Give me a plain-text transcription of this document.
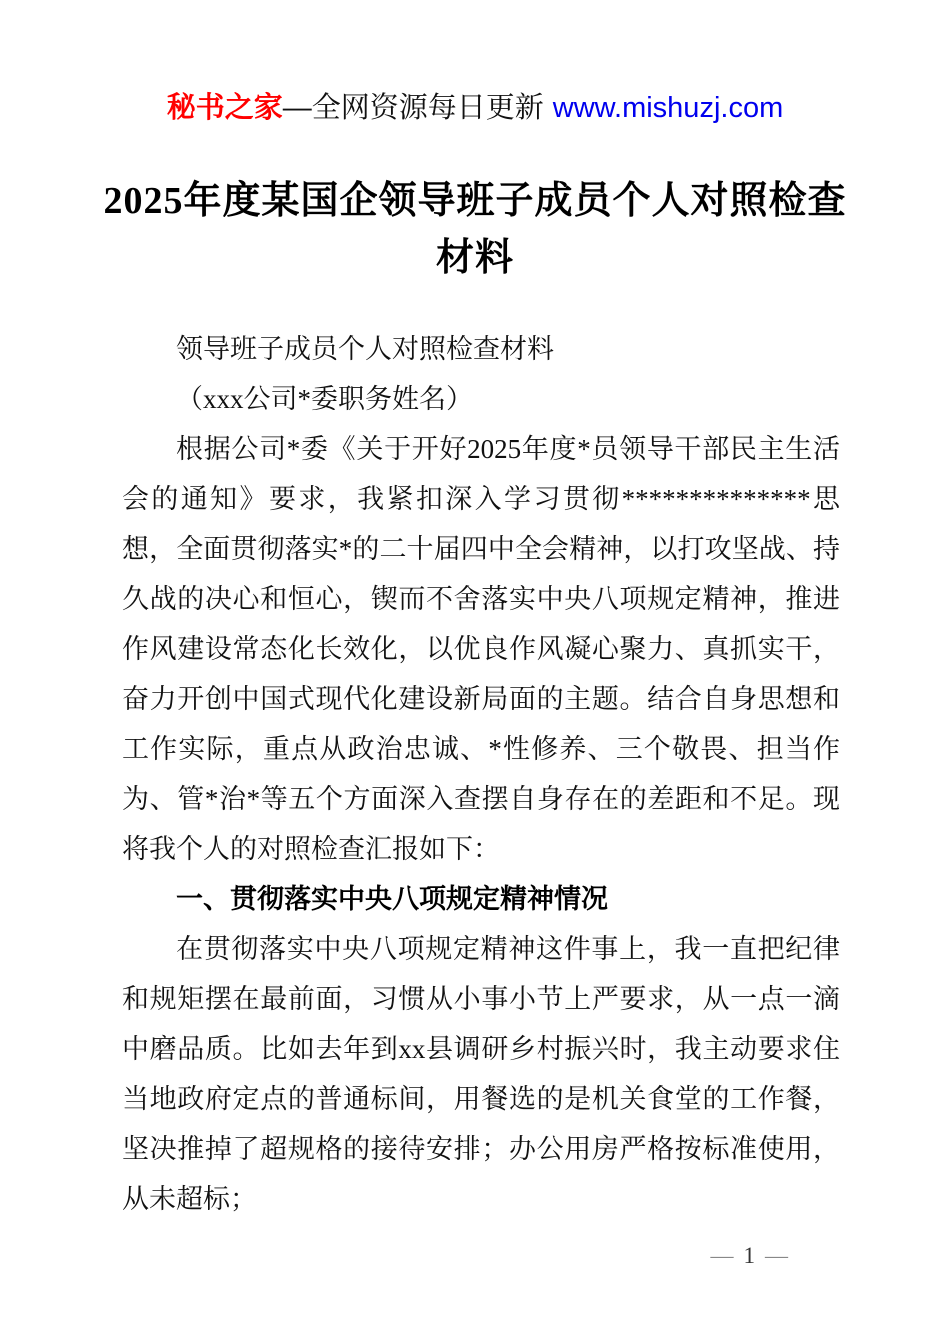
秘书之家—全网资源每日更新 www.mishuzj.com
2025年度某国企领导班子成员个人对照检查
材料

领导班子成员个人对照检查材料

（xxx公司*委职务姓名）

根据公司*委《关于开好2025年度*员领导干部民主生活会的通知》要求，我紧扣深入学习贯彻**************思想，全面贯彻落实*的二十届四中全会精神，以打攻坚战、持久战的决心和恒心，锲而不舍落实中央八项规定精神，推进作风建设常态化长效化，以优良作风凝心聚力、真抓实干，奋力开创中国式现代化建设新局面的主题。结合自身思想和工作实际，重点从政治忠诚、*性修养、三个敬畏、担当作为、管*治*等五个方面深入查摆自身存在的差距和不足。现将我个人的对照检查汇报如下：

一、贯彻落实中央八项规定精神情况

在贯彻落实中央八项规定精神这件事上，我一直把纪律和规矩摆在最前面，习惯从小事小节上严要求，从一点一滴中磨品质。比如去年到xx县调研乡村振兴时，我主动要求住当地政府定点的普通标间，用餐选的是机关食堂的工作餐，坚决推掉了超规格的接待安排；办公用房严格按标准使用，从未超标；

— 1 —
